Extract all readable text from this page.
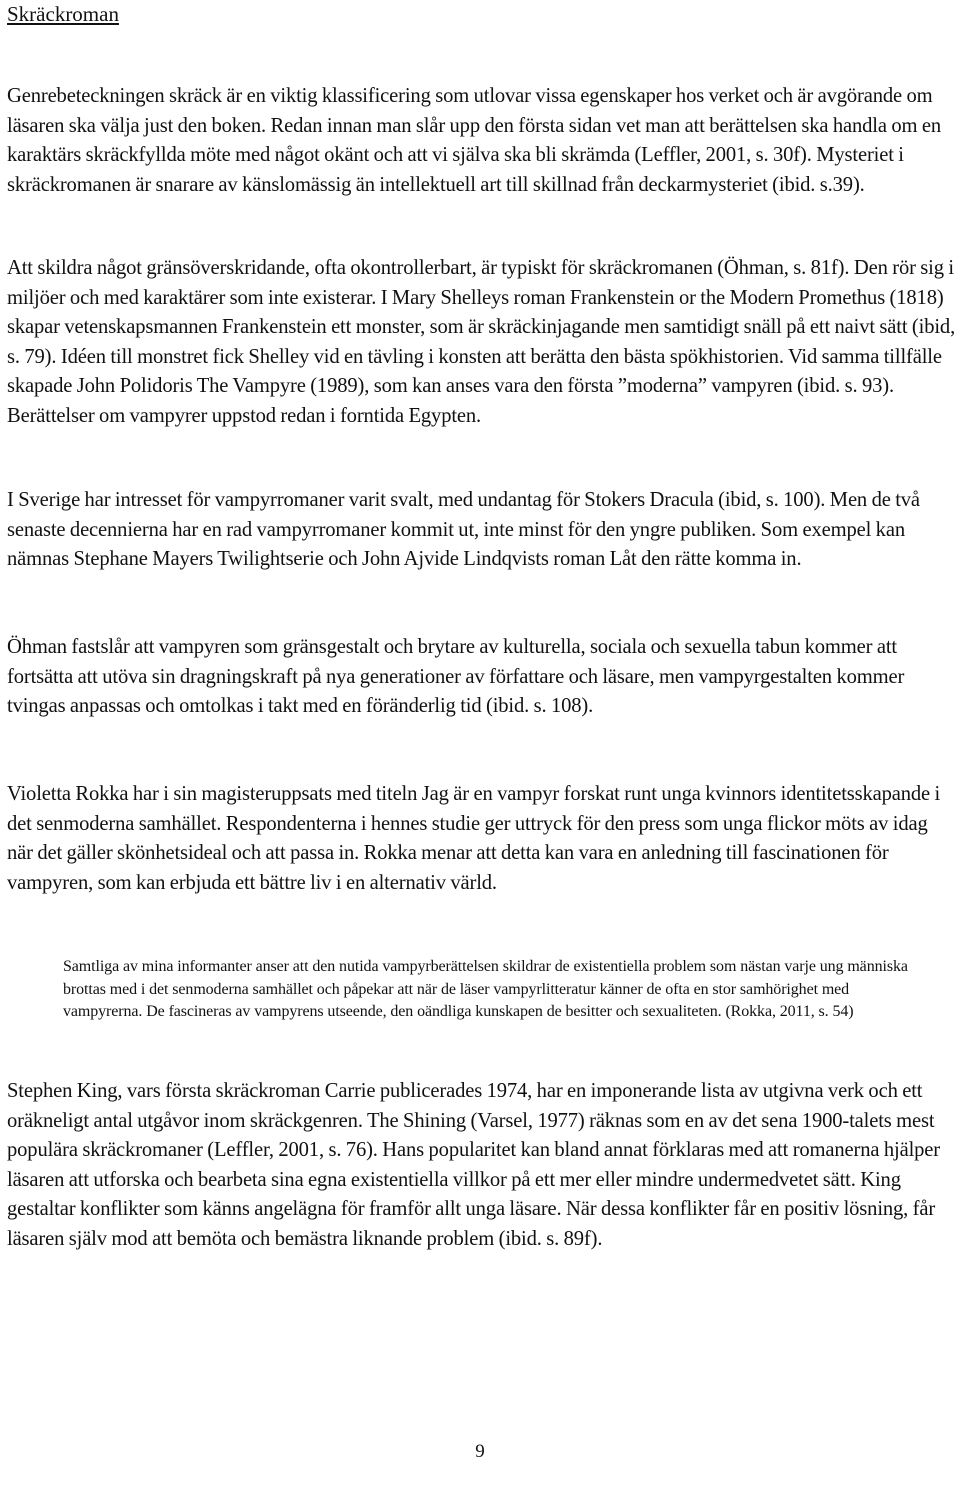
Skräckroman

Genrebeteckningen skräck är en viktig klassificering som utlovar vissa egenskaper hos verket och är avgörande om läsaren ska välja just den boken. Redan innan man slår upp den första sidan vet man att berättelsen ska handla om en karaktärs skräckfyllda möte med något okänt och att vi själva ska bli skrämda (Leffler, 2001, s. 30f). Mysteriet i skräckromanen är snarare av känslomässig än intellektuell art till skillnad från deckarmysteriet (ibid. s.39).

Att skildra något gränsöverskridande, ofta okontrollerbart, är typiskt för skräckromanen (Öhman, s. 81f). Den rör sig i miljöer och med karaktärer som inte existerar. I Mary Shelleys roman Frankenstein or the Modern Promethus (1818) skapar vetenskapsmannen Frankenstein ett monster, som är skräckinjagande men samtidigt snäll på ett naivt sätt (ibid, s. 79). Idéen till monstret fick Shelley vid en tävling i konsten att berätta den bästa spökhistorien. Vid samma tillfälle skapade John Polidoris The Vampyre (1989), som kan anses vara den första ”moderna” vampyren (ibid. s. 93). Berättelser om vampyrer uppstod redan i forntida Egypten.

I Sverige har intresset för vampyrromaner varit svalt, med undantag för Stokers Dracula (ibid, s. 100). Men de två senaste decennierna har en rad vampyrromaner kommit ut, inte minst för den yngre publiken. Som exempel kan nämnas Stephane Mayers Twilightserie och John Ajvide Lindqvists roman Låt den rätte komma in.

Öhman fastslår att vampyren som gränsgestalt och brytare av kulturella, sociala och sexuella tabun kommer att fortsätta att utöva sin dragningskraft på nya generationer av författare och läsare, men vampyrgestalten kommer tvingas anpassas och omtolkas i takt med en föränderlig tid (ibid. s. 108).

Violetta Rokka har i sin magisteruppsats med titeln Jag är en vampyr forskat runt unga kvinnors identitetsskapande i det senmoderna samhället. Respondenterna i hennes studie ger uttryck för den press som unga flickor möts av idag när det gäller skönhetsideal och att passa in. Rokka menar att detta kan vara en anledning till fascinationen för vampyren, som kan erbjuda ett bättre liv i en alternativ värld.

Samtliga av mina informanter anser att den nutida vampyrberättelsen skildrar de existentiella problem som nästan varje ung människa brottas med i det senmoderna samhället och påpekar att när de läser vampyrlitteratur känner de ofta en stor samhörighet med vampyrerna. De fascineras av vampyrens utseende, den oändliga kunskapen de besitter och sexualiteten. (Rokka, 2011, s. 54)

Stephen King, vars första skräckroman Carrie publicerades 1974, har en imponerande lista av utgivna verk och ett oräkneligt antal utgåvor inom skräckgenren. The Shining (Varsel, 1977) räknas som en av det sena 1900-talets mest populära skräckromaner (Leffler, 2001, s. 76). Hans popularitet kan bland annat förklaras med att romanerna hjälper läsaren att utforska och bearbeta sina egna existentiella villkor på ett mer eller mindre undermedvetet sätt. King gestaltar konflikter som känns angelägna för framför allt unga läsare. När dessa konflikter får en positiv lösning, får läsaren själv mod att bemöta och bemästra liknande problem (ibid. s. 89f).

9
